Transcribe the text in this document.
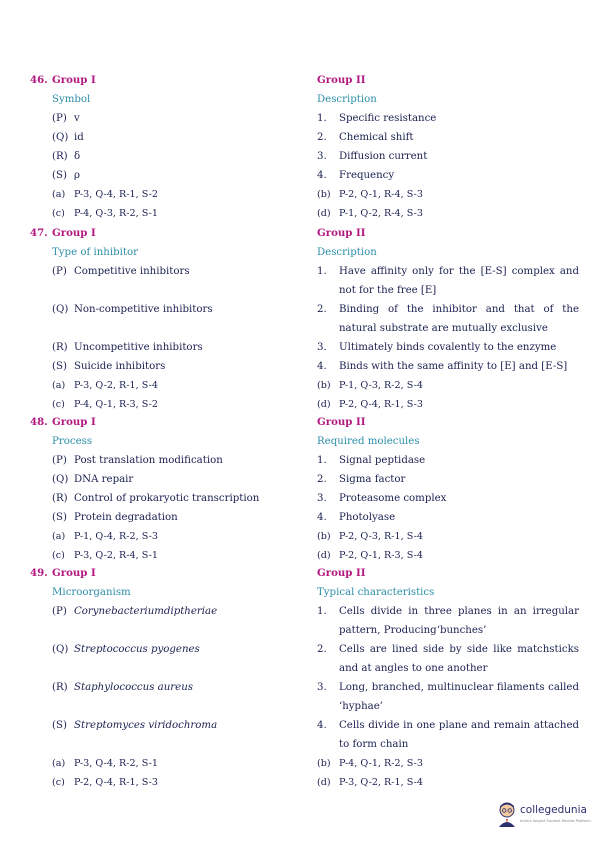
46. Group I	Group II
Symbol	Description
(P) v	1.	Specific resistance
(Q) id	2.	Chemical shift
(R) δ	3.	Diffusion current
(S) ρ	4.	Frequency
(a) P-3, Q-4, R-1, S-2	(b) P-2, Q-1, R-4, S-3
(c) P-4, Q-3, R-2, S-1	(d) P-1, Q-2, R-4, S-3
47. Group I	Group II
Type of inhibitor	Description
(P) Competitive inhibitors	1.	Have affinity only for the [E-S] complex and not for the free [E]
(Q) Non-competitive inhibitors	2.	Binding of the inhibitor and that of the natural substrate are mutually exclusive
(R) Uncompetitive inhibitors	3.	Ultimately binds covalently to the enzyme
(S) Suicide inhibitors	4.	Binds with the same affinity to [E] and [E-S]
(a) P-3, Q-2, R-1, S-4	(b) P-1, Q-3, R-2, S-4
(c) P-4, Q-1, R-3, S-2	(d) P-2, Q-4, R-1, S-3
48. Group I	Group II
Process	Required molecules
(P) Post translation modification	1.	Signal peptidase
(Q) DNA repair	2.	Sigma factor
(R) Control of prokaryotic transcription	3.	Proteasome complex
(S) Protein degradation	4.	Photolyase
(a) P-1, Q-4, R-2, S-3	(b) P-2, Q-3, R-1, S-4
(c) P-3, Q-2, R-4, S-1	(d) P-2, Q-1, R-3, S-4
49. Group I	Group II
Microorganism	Typical characteristics
(P) Corynebacteriumdiptheriae	1.	Cells divide in three planes in an irregular pattern, Producing‘bunches’
(Q) Streptococcus pyogenes	2.	Cells are lined side by side like matchsticks and at angles to one another
(R) Staphylococcus aureus	3.	Long, branched, multinuclear filaments called ‘hyphae’
(S) Streptomyces viridochroma	4.	Cells divide in one plane and remain attached to form chain
(a) P-3, Q-4, R-2, S-1	(b) P-4, Q-1, R-2, S-3
(c) P-2, Q-4, R-1, S-3	(d) P-3, Q-2, R-1, S-4
collegedunia
India's largest Student Review Platform
